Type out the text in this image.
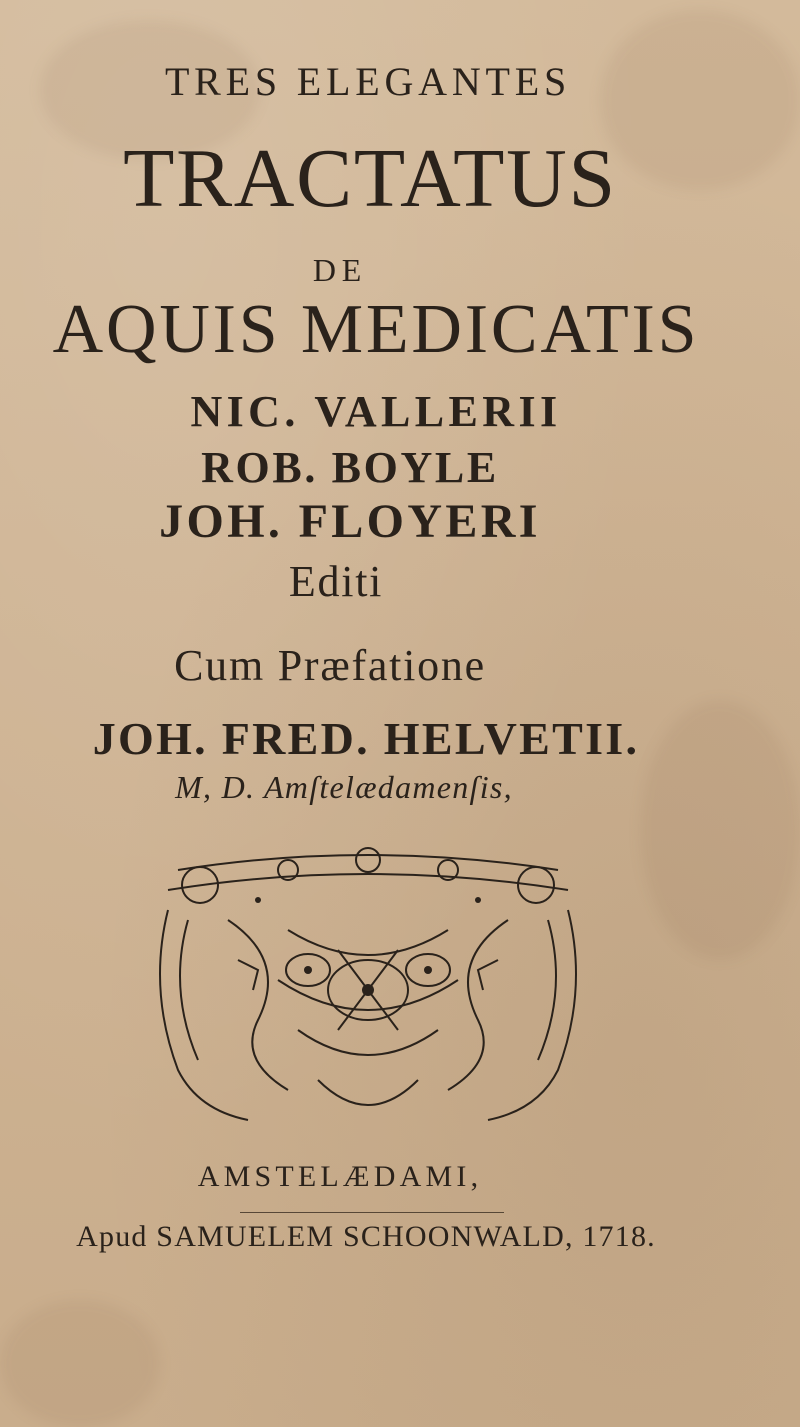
TRES ELEGANTES
TRACTATUS
DE
AQUIS MEDICATIS
NIC. VALLERII
ROB. BOYLE
JOH. FLOYERI
Editi
Cum Præfatione
JOH. FRED. HELVETII.
M, D. Amſtelædamenſis,
AMSTELÆDAMI,
Apud SAMUELEM SCHOONWALD, 1718.
